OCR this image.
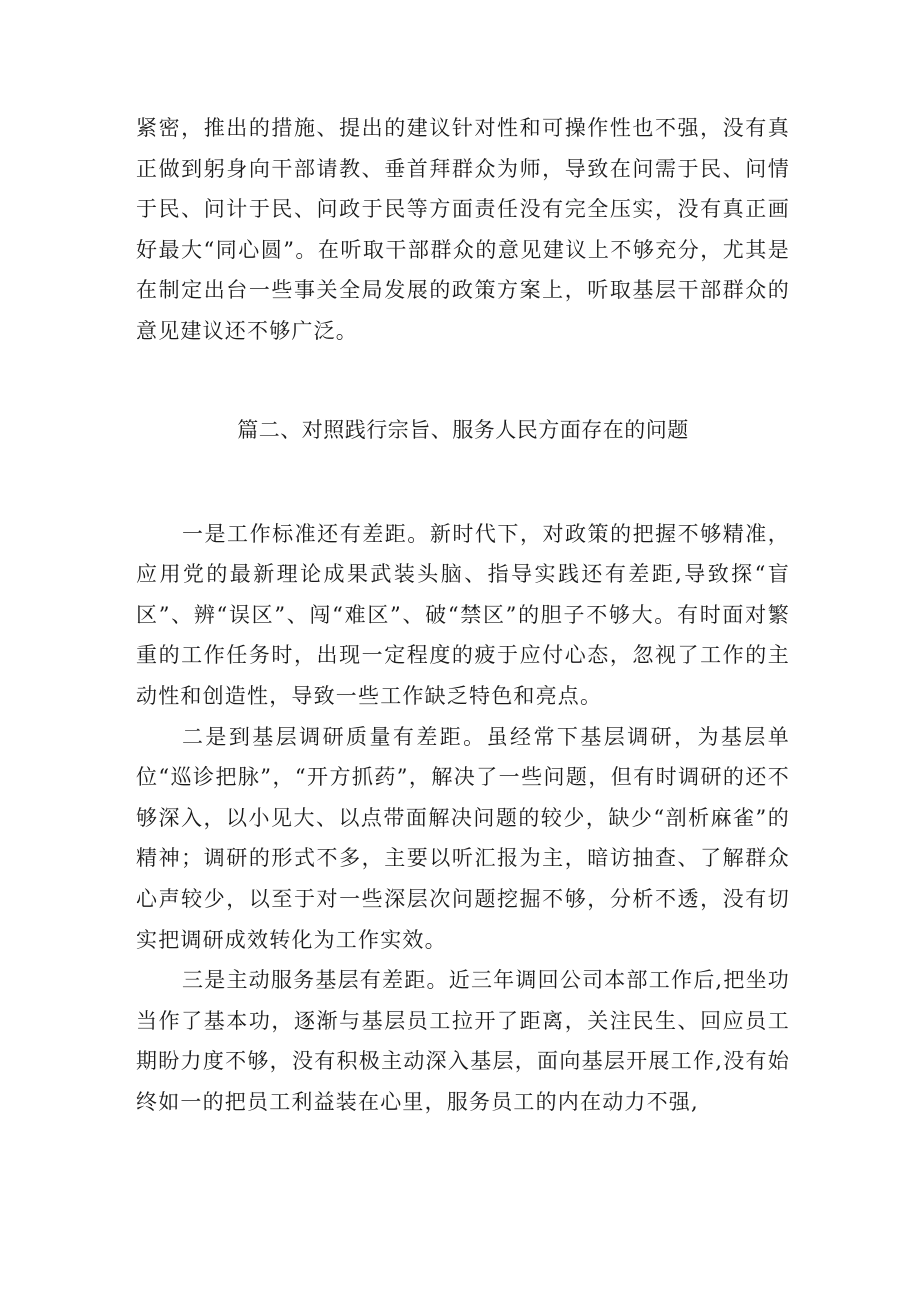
紧密，推出的措施、提出的建议针对性和可操作性也不强，没有真正做到躬身向干部请教、垂首拜群众为师，导致在问需于民、问情于民、问计于民、问政于民等方面责任没有完全压实，没有真正画好最大“同心圆”。在听取干部群众的意见建议上不够充分，尤其是在制定出台一些事关全局发展的政策方案上，听取基层干部群众的意见建议还不够广泛。

篇二、对照践行宗旨、服务人民方面存在的问题

一是工作标准还有差距。新时代下，对政策的把握不够精准，应用党的最新理论成果武装头脑、指导实践还有差距,导致探“盲区”、辨“误区”、闯“难区”、破“禁区”的胆子不够大。有时面对繁重的工作任务时，出现一定程度的疲于应付心态，忽视了工作的主动性和创造性，导致一些工作缺乏特色和亮点。

二是到基层调研质量有差距。虽经常下基层调研，为基层单位“巡诊把脉”，“开方抓药”，解决了一些问题，但有时调研的还不够深入，以小见大、以点带面解决问题的较少，缺少“剖析麻雀”的精神；调研的形式不多，主要以听汇报为主，暗访抽查、了解群众心声较少，以至于对一些深层次问题挖掘不够，分析不透，没有切实把调研成效转化为工作实效。

三是主动服务基层有差距。近三年调回公司本部工作后,把坐功当作了基本功，逐渐与基层员工拉开了距离，关注民生、回应员工期盼力度不够，没有积极主动深入基层，面向基层开展工作,没有始终如一的把员工利益装在心里，服务员工的内在动力不强,
